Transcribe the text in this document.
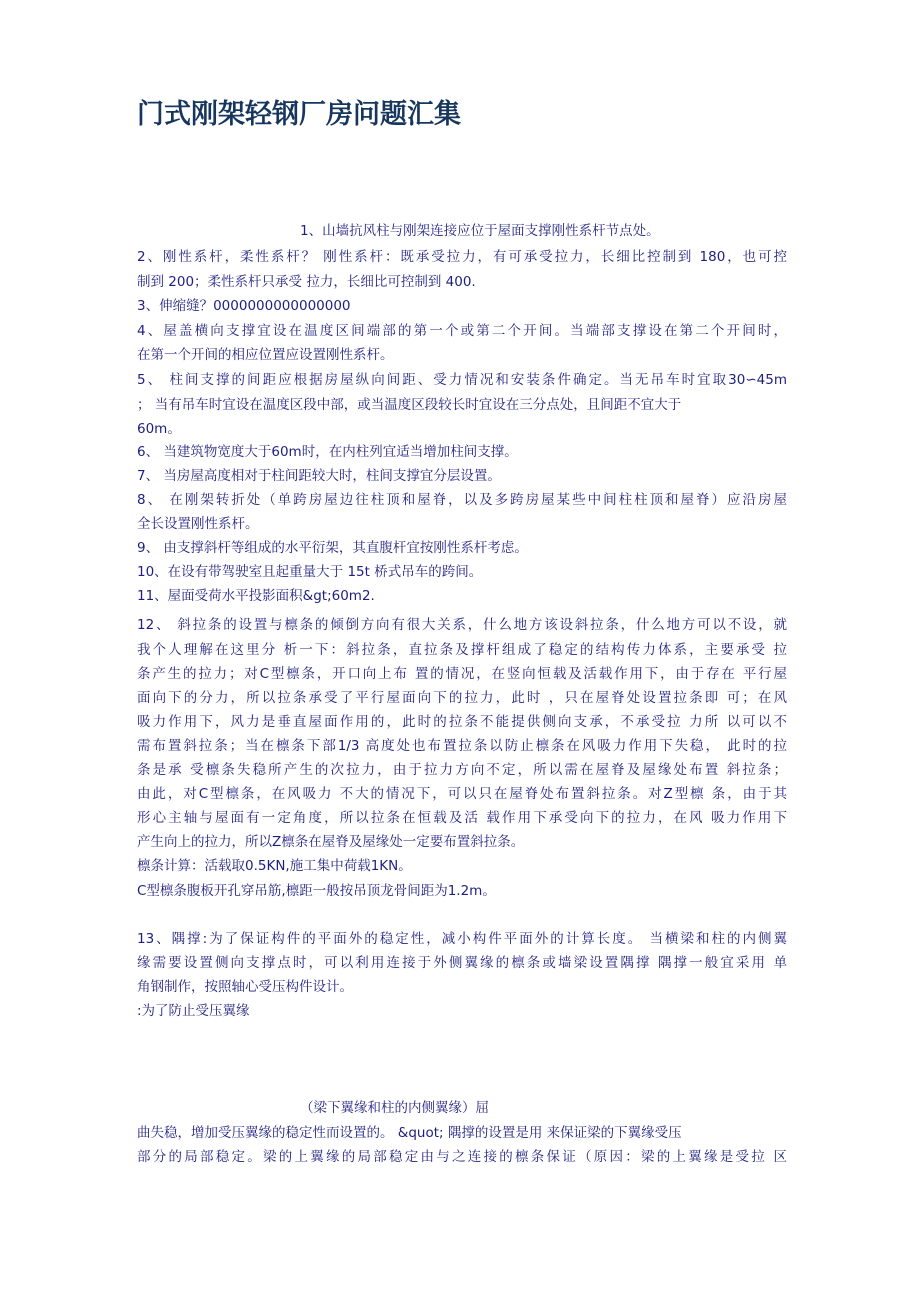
门式刚架轻钢厂房问题汇集
1、山墙抗风柱与刚架连接应位于屋面支撑刚性系杆节点处。
2、刚性系杆，柔性系杆？ 刚性系杆：既承受拉力，有可承受拉力，长细比控制到 180，也可控
制到 200；柔性系杆只承受 拉力，长细比可控制到 400.
3、伸缩缝？0000000000000000
4、屋盖横向支撑宜设在温度区间端部的第一个或第二个开间。当端部支撑设在第二个开间时，
在第一个开间的相应位置应设置刚性系杆。
5、 柱间支撑的间距应根据房屋纵向间距、受力情况和安装条件确定。当无吊车时宜取30∽45m
； 当有吊车时宜设在温度区段中部，或当温度区段较长时宜设在三分点处，且间距不宜大于
60m。
6、 当建筑物宽度大于60m时，在内柱列宜适当增加柱间支撑。
7、 当房屋高度相对于柱间距较大时，柱间支撑宜分层设置。
8、 在刚架转折处（单跨房屋边往柱顶和屋脊，以及多跨房屋某些中间柱柱顶和屋脊）应沿房屋
全长设置刚性系杆。
9、 由支撑斜杆等组成的水平衍架，其直腹杆宜按刚性系杆考虑。
10、在设有带驾驶室且起重量大于 15t 桥式吊车的跨间。
11、屋面受荷水平投影面积&gt;60m2.
12、 斜拉条的设置与檩条的倾倒方向有很大关系，什么地方该设斜拉条，什么地方可以不设，就
我个人理解在这里分 析一下：斜拉条，直拉条及撑杆组成了稳定的结构传力体系，主要承受 拉
条产生的拉力；对C型檩条，开口向上布 置的情况，在竖向恒载及活载作用下，由于存在 平行屋
面向下的分力，所以拉条承受了平行屋面向下的拉力，此时 ，只在屋脊处设置拉条即 可；在风
吸力作用下，风力是垂直屋面作用的，此时的拉条不能提供侧向支承，不承受拉 力所 以可以不
需布置斜拉条；当在檩条下部1/3 高度处也布置拉条以防止檩条在风吸力作用下失稳， 此时的拉
条是承 受檩条失稳所产生的次拉力，由于拉力方向不定，所以需在屋脊及屋缘处布置 斜拉条；
由此，对C型檩条，在风吸力 不大的情况下，可以只在屋脊处布置斜拉条。对Z型檩 条，由于其
形心主轴与屋面有一定角度，所以拉条在恒载及活 载作用下承受向下的拉力，在风 吸力作用下
产生向上的拉力，所以Z檩条在屋脊及屋缘处一定要布置斜拉条。
檩条计算：活载取0.5KN,施工集中荷载1KN。
C型檩条腹板开孔穿吊筋,檩距一般按吊顶龙骨间距为1.2m。
13、隅撑:为了保证构件的平面外的稳定性，减小构件平面外的计算长度。 当横梁和柱的内侧翼
缘需要设置侧向支撑点时，可以利用连接于外侧翼缘的檩条或墙梁设置隅撑 隅撑一般宜采用 单
角钢制作，按照轴心受压构件设计。
:为了防止受压翼缘
（梁下翼缘和柱的内侧翼缘）屈
曲失稳，增加受压翼缘的稳定性而设置的。 &quot; 隅撑的设置是用 来保证梁的下翼缘受压
部分的局部稳定。梁的上翼缘的局部稳定由与之连接的檩条保证（原因：梁的上翼缘是受拉 区
